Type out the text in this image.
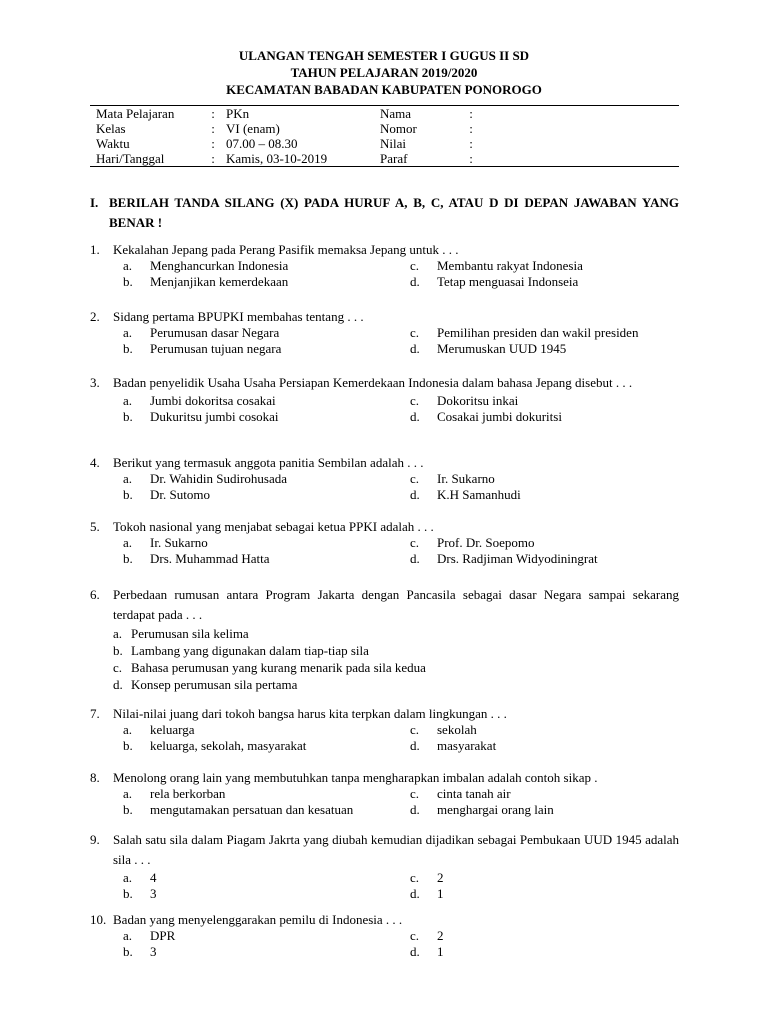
ULANGAN TENGAH SEMESTER I GUGUS II SD
TAHUN PELAJARAN 2019/2020
KECAMATAN BABADAN KABUPATEN PONOROGO
Mata Pelajaran	:	PKn	Nama	:	
Kelas	:	VI (enam)	Nomor	:	
Waktu	:	07.00 – 08.30	Nilai	:	
Hari/Tanggal	:	Kamis, 03-10-2019	Paraf	:	
I. BERILAH TANDA SILANG (X) PADA HURUF A, B, C, ATAU D DI DEPAN JAWABAN YANG BENAR !
1. Kekalahan Jepang pada Perang Pasifik memaksa Jepang untuk . . .
a. Menghancurkan Indonesia
b. Menjanjikan kemerdekaan
c. Membantu rakyat Indonesia
d. Tetap menguasai Indonseia
2. Sidang pertama BPUPKI membahas tentang . . .
a. Perumusan dasar Negara
b. Perumusan tujuan negara
c. Pemilihan presiden dan wakil presiden
d. Merumuskan UUD 1945
3. Badan penyelidik Usaha Usaha Persiapan Kemerdekaan Indonesia dalam bahasa Jepang disebut . . .
a. Jumbi dokoritsa cosakai
b. Dukuritsu jumbi cosokai
c. Dokoritsu inkai
d. Cosakai jumbi dokuritsi
4. Berikut yang termasuk anggota panitia Sembilan adalah . . .
a. Dr. Wahidin Sudirohusada
b. Dr. Sutomo
c. Ir. Sukarno
d. K.H Samanhudi
5. Tokoh nasional yang menjabat sebagai ketua PPKI adalah . . .
a. Ir. Sukarno
b. Drs. Muhammad Hatta
c. Prof. Dr. Soepomo
d. Drs. Radjiman Widyodiningrat
6. Perbedaan rumusan antara Program Jakarta dengan Pancasila sebagai dasar Negara sampai sekarang terdapat pada . . .
a. Perumusan sila kelima
b. Lambang yang digunakan dalam tiap-tiap sila
c. Bahasa perumusan yang kurang menarik pada sila kedua
d. Konsep perumusan sila pertama
7. Nilai-nilai juang dari tokoh bangsa harus kita terpkan dalam lingkungan . . .
a. keluarga
b. keluarga, sekolah, masyarakat
c. sekolah
d. masyarakat
8. Menolong orang lain yang membutuhkan tanpa mengharapkan imbalan adalah contoh sikap .
a. rela berkorban
b. mengutamakan persatuan dan kesatuan
c. cinta tanah air
d. menghargai orang lain
9. Salah satu sila dalam Piagam Jakrta yang diubah kemudian dijadikan sebagai Pembukaan UUD 1945 adalah sila . . .
a. 4
b. 3
c. 2
d. 1
10. Badan yang menyelenggarakan pemilu di Indonesia . . .
a. DPR
b. 3
c. 2
d. 1
